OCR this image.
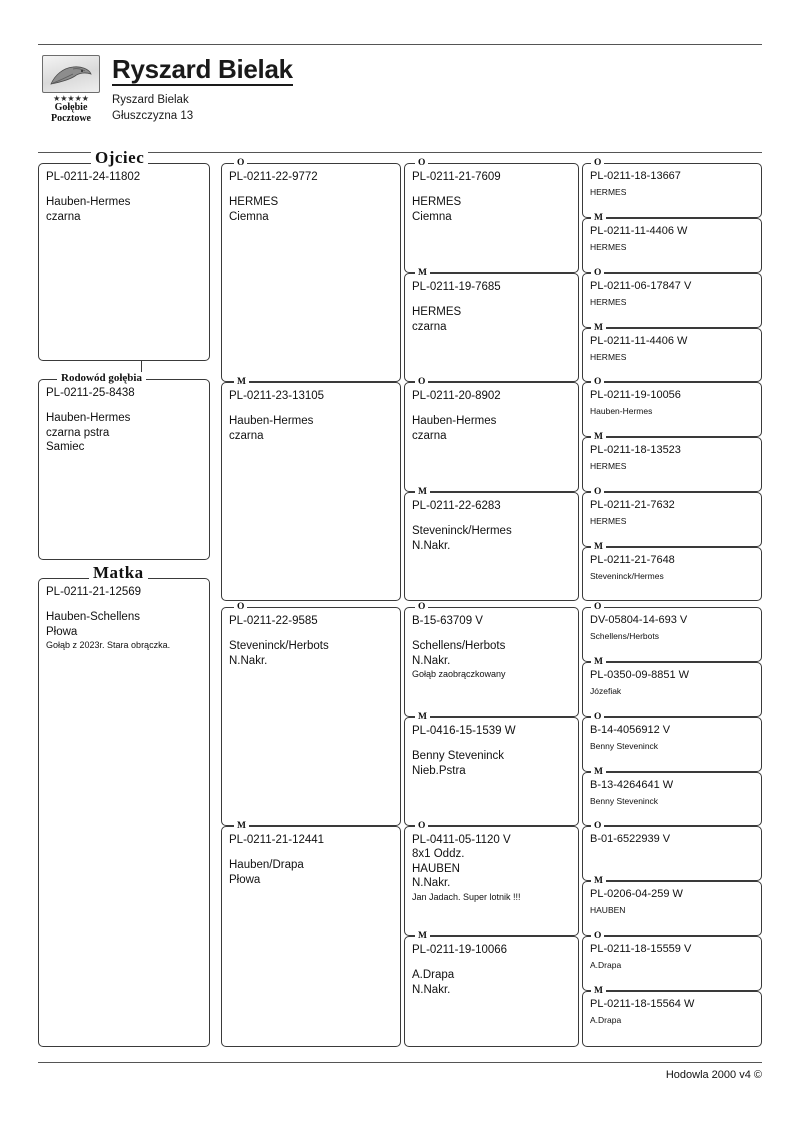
★★★★★
Gołębie
Pocztowe
Ryszard Bielak
Ryszard Bielak
Głuszczyzna 13
Ojciec
PL-0211-24-11802
Hauben-Hermes
czarna
Rodowód gołębia
PL-0211-25-8438
Hauben-Hermes
czarna pstra
Samiec
Matka
PL-0211-21-12569
Hauben-Schellens
Płowa
Gołąb z 2023r. Stara obrączka.
O
PL-0211-22-9772
HERMES
Ciemna
M
PL-0211-23-13105
Hauben-Hermes
czarna
O
PL-0211-22-9585
Steveninck/Herbots
N.Nakr.
M
PL-0211-21-12441
Hauben/Drapa
Płowa
O
PL-0211-21-7609
HERMES
Ciemna
M
PL-0211-19-7685
HERMES
czarna
O
PL-0211-20-8902
Hauben-Hermes
czarna
M
PL-0211-22-6283
Steveninck/Hermes
N.Nakr.
O
B-15-63709 V
Schellens/Herbots
N.Nakr.
Gołąb zaobrączkowany
M
PL-0416-15-1539 W
Benny Steveninck
Nieb.Pstra
O
PL-0411-05-1120 V
8x1 Oddz.
HAUBEN
N.Nakr.
Jan Jadach. Super lotnik !!!
M
PL-0211-19-10066
A.Drapa
N.Nakr.
O
PL-0211-18-13667
HERMES
M
PL-0211-11-4406 W
HERMES
O
PL-0211-06-17847 V
HERMES
M
PL-0211-11-4406 W
HERMES
O
PL-0211-19-10056
Hauben-Hermes
M
PL-0211-18-13523
HERMES
O
PL-0211-21-7632
HERMES
M
PL-0211-21-7648
Steveninck/Hermes
O
DV-05804-14-693 V
Schellens/Herbots
M
PL-0350-09-8851 W
Józefiak
O
B-14-4056912 V
Benny Steveninck
M
B-13-4264641 W
Benny Steveninck
O
B-01-6522939 V
M
PL-0206-04-259 W
HAUBEN
O
PL-0211-18-15559 V
A.Drapa
M
PL-0211-18-15564 W
A.Drapa
Hodowla 2000 v4 ©
